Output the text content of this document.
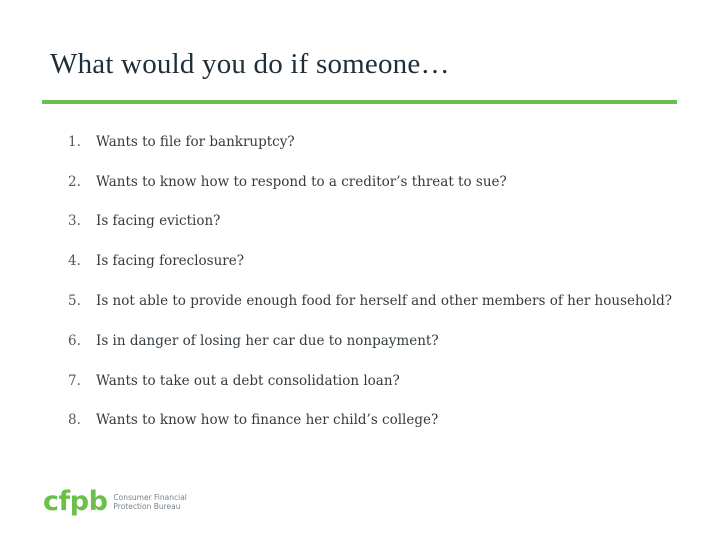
What would you do if someone…
1.	Wants to file for bankruptcy?
2.	Wants to know how to respond to a creditor’s threat to sue?
3.	Is facing eviction?
4.	Is facing foreclosure?
5.	Is not able to provide enough food for herself and other members of her household?
6.	Is in danger of losing her car due to nonpayment?
7.	Wants to take out a debt consolidation loan?
8.	Wants to know how to finance her child’s college?
cfpb Consumer Financial
Protection Bureau
